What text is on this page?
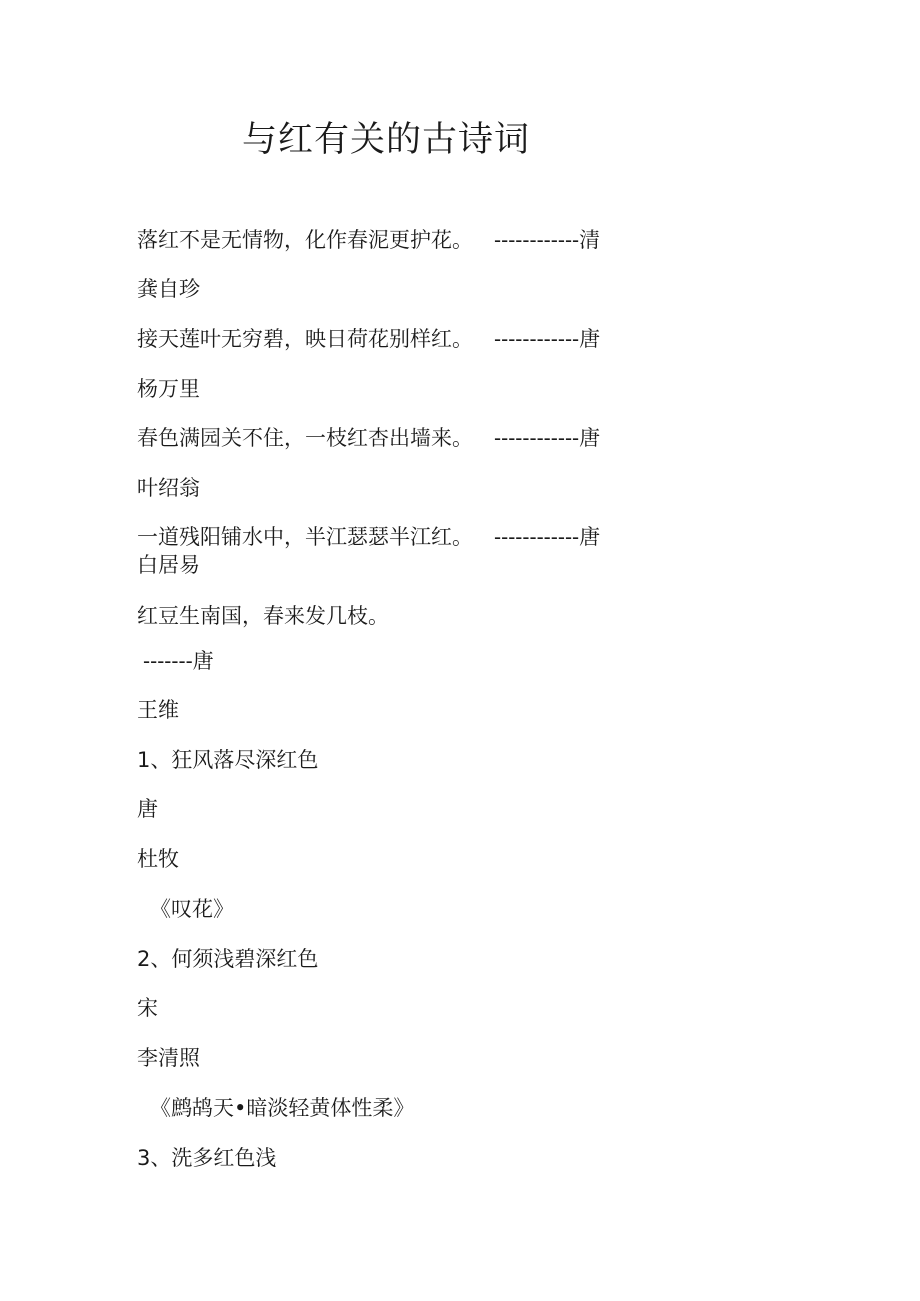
与红有关的古诗词
落红不是无情物，化作春泥更护花。 ------------清
龚自珍
接天莲叶无穷碧，映日荷花别样红。 ------------唐
杨万里
春色满园关不住，一枝红杏出墙来。 ------------唐
叶绍翁
一道残阳铺水中，半江瑟瑟半江红。 ------------唐
白居易
红豆生南国，春来发几枝。
-------唐
王维
1、狂风落尽深红色
唐
杜牧
《叹花》
2、何须浅碧深红色
宋
李清照
《鹧鸪天•暗淡轻黄体性柔》
3、洗多红色浅
